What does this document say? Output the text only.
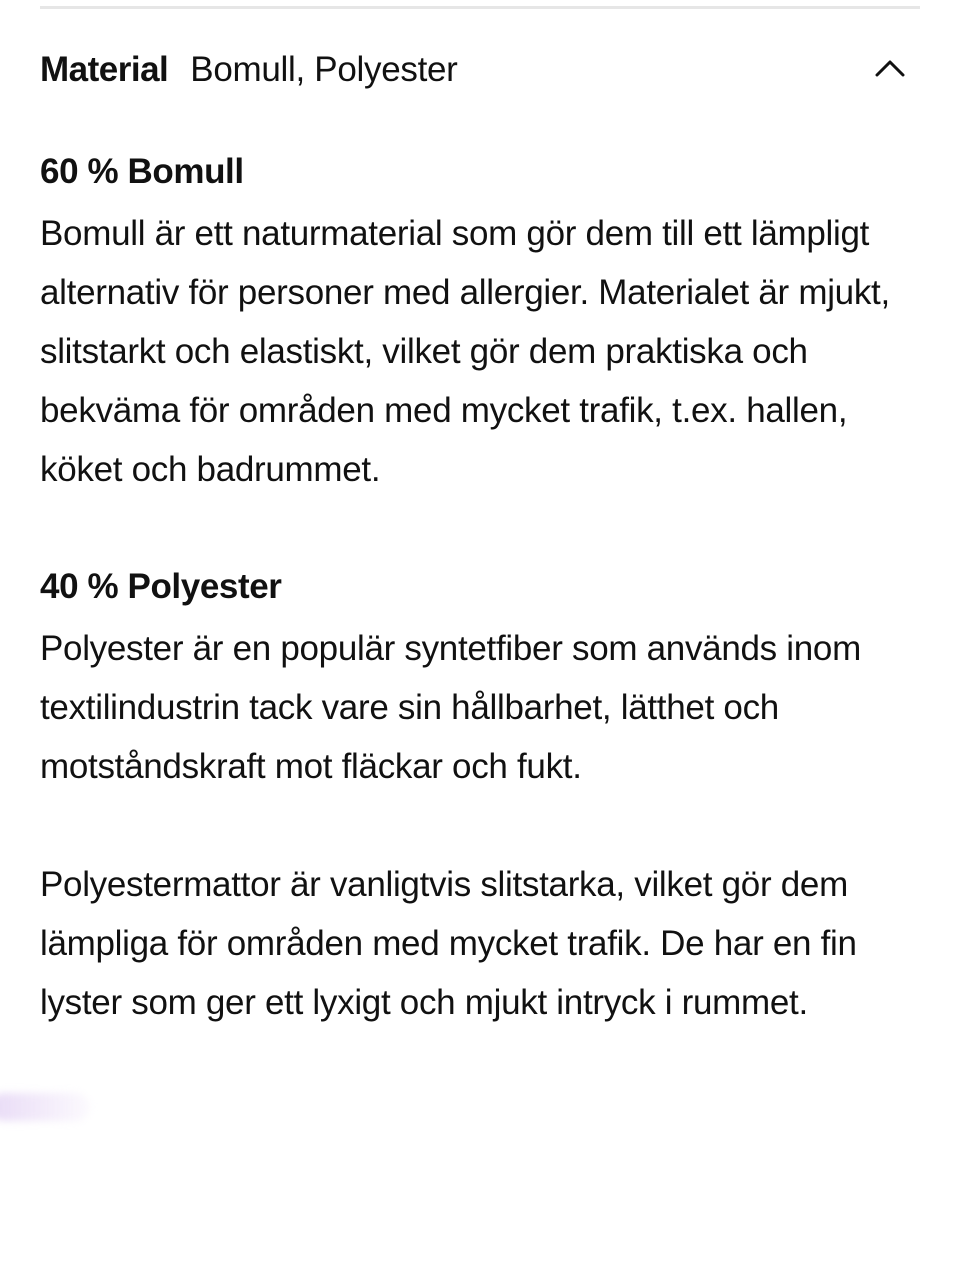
Material Bomull, Polyester
60 % Bomull

Bomull är ett naturmaterial som gör dem till ett lämpligt alternativ för personer med allergier. Materialet är mjukt, slitstarkt och elastiskt, vilket gör dem praktiska och bekväma för områden med mycket trafik, t.ex. hallen, köket och badrummet.

40 % Polyester

Polyester är en populär syntetfiber som används inom textilindustrin tack vare sin hållbarhet, lätthet och motståndskraft mot fläckar och fukt.

Polyestermattor är vanligtvis slitstarka, vilket gör dem lämpliga för områden med mycket trafik. De har en fin lyster som ger ett lyxigt och mjukt intryck i rummet.
